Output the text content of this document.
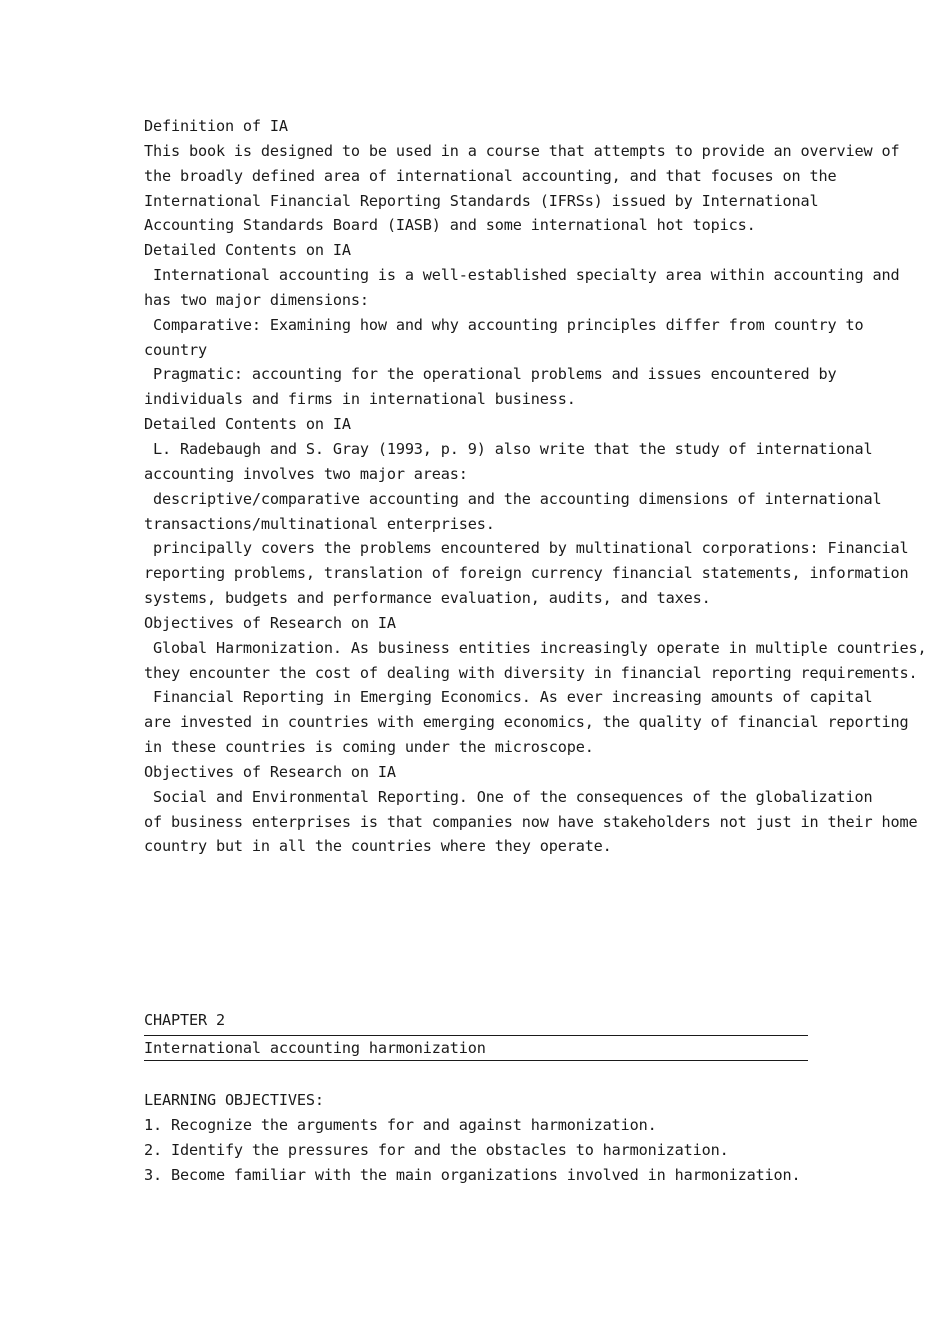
Definition of IA
This book is designed to be used in a course that attempts to provide an overview of
the broadly defined area of international accounting, and that focuses on the
International Financial Reporting Standards (IFRSs) issued by International
Accounting Standards Board (IASB) and some international hot topics.
Detailed Contents on IA
International accounting is a well-established specialty area within accounting and
has two major dimensions:
Comparative: Examining how and why accounting principles differ from country to
country
Pragmatic: accounting for the operational problems and issues encountered by
individuals and firms in international business.
Detailed Contents on IA
L. Radebaugh and S. Gray (1993, p. 9) also write that the study of international
accounting involves two major areas:
descriptive/comparative accounting and the accounting dimensions of international
transactions/multinational enterprises.
principally covers the problems encountered by multinational corporations: Financial
reporting problems, translation of foreign currency financial statements, information
systems, budgets and performance evaluation, audits, and taxes.
Objectives of Research on IA
Global Harmonization. As business entities increasingly operate in multiple countries,
they encounter the cost of dealing with diversity in financial reporting requirements.
Financial Reporting in Emerging Economics. As ever increasing amounts of capital
are invested in countries with emerging economics, the quality of financial reporting
in these countries is coming under the microscope.
Objectives of Research on IA
Social and Environmental Reporting. One of the consequences of the globalization
of business enterprises is that companies now have stakeholders not just in their home
country but in all the countries where they operate.
CHAPTER 2
International accounting harmonization
LEARNING OBJECTIVES:
1. Recognize the arguments for and against harmonization.
2. Identify the pressures for and the obstacles to harmonization.
3. Become familiar with the main organizations involved in harmonization.
